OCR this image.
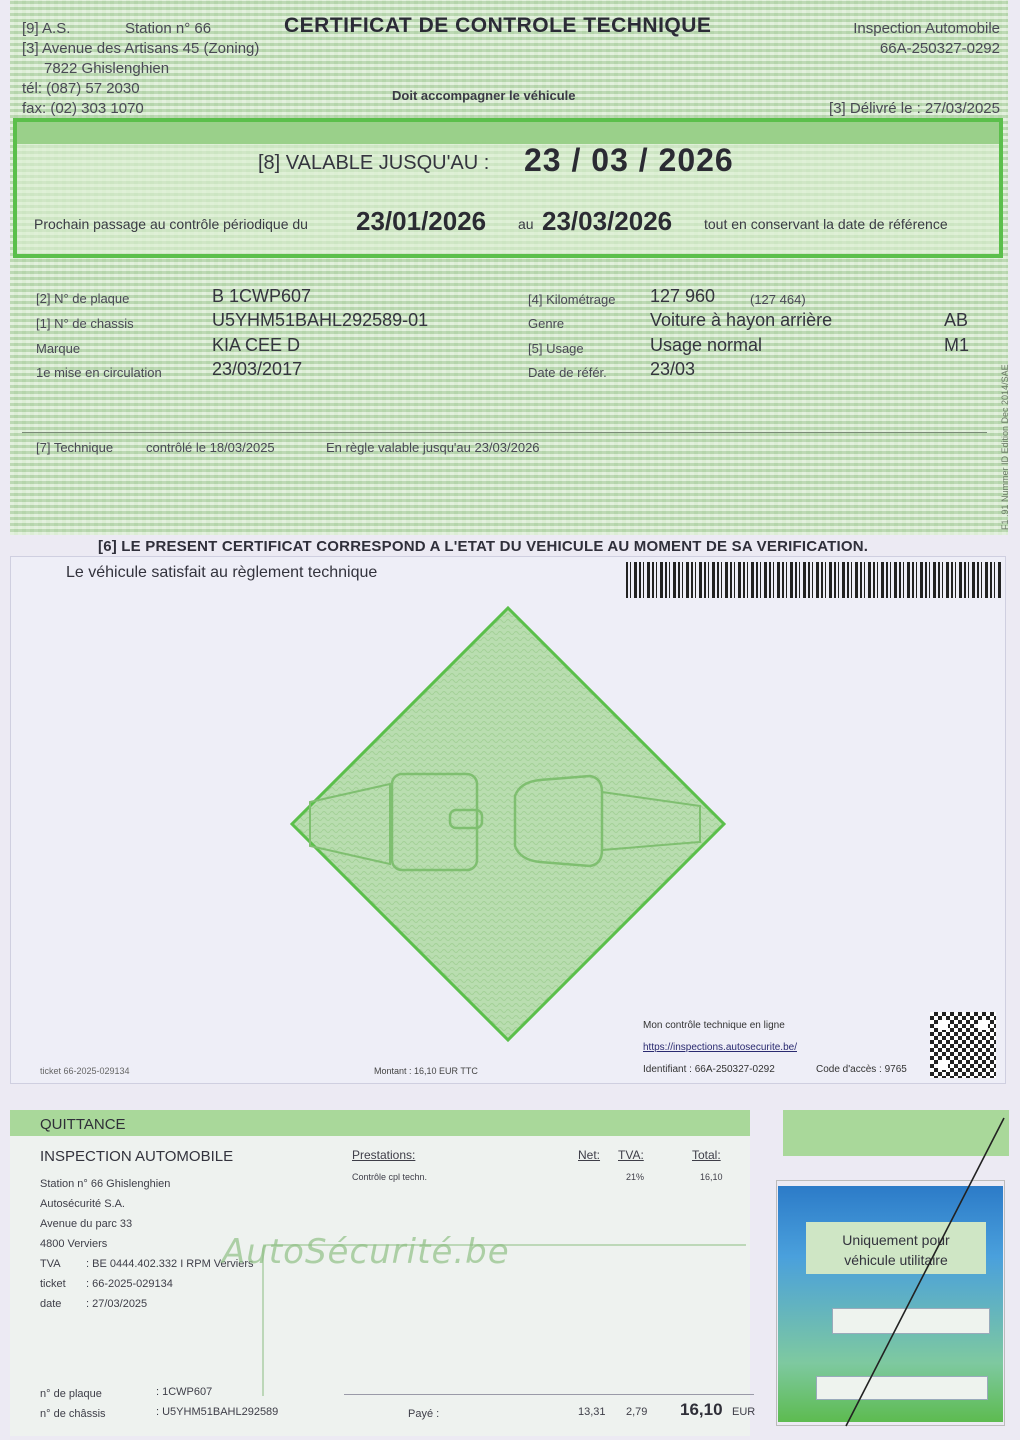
[9] A.S.	Station n° 66
[3] Avenue des Artisans 45 (Zoning)
7822 Ghislenghien
tél: (087) 57 2030
fax: (02) 303 1070
CERTIFICAT DE CONTROLE TECHNIQUE
Doit accompagner le véhicule
Inspection Automobile
66A-250327-0292
[3] Délivré le : 27/03/2025
[8] VALABLE JUSQU'AU : 23 / 03 / 2026
Prochain passage au contrôle périodique du 23/01/2026 au 23/03/2026 tout en conservant la date de référence
[2] N° de plaque	B 1CWP607
[1] N° de chassis	U5YHM51BAHL292589-01
Marque	KIA CEE D
1e mise en circulation	23/03/2017
[4] Kilométrage 127 960	(127 464)
Genre	Voiture à hayon arrière	AB
[5] Usage	Usage normal	M1
Date de référ. 23/03
[7] Technique	contrôlé le 18/03/2025	En règle valable jusqu'au 23/03/2026	F1 .91 Nummer ID Edition Dec 2014/SAE
[6] LE PRESENT CERTIFICAT CORRESPOND A L'ETAT DU VEHICULE AU MOMENT DE SA VERIFICATION.
Le véhicule satisfait au règlement technique
Mon contrôle technique en ligne
https://inspections.autosecurite.be/
Identifiant : 66A-250327-0292	Code d'accès : 9765
ticket 66-2025-029134	Montant : 16,10 EUR TTC
QUITTANCE
INSPECTION AUTOMOBILE
Station n° 66 Ghislenghien
Autosécurité S.A.
Avenue du parc 33
4800 Verviers
TVA : BE 0444.402.332 I RPM Verviers
ticket : 66-2025-029134
date : 27/03/2025
AutoSécurité.be
Prestations:	Net: TVA:	Total:
Contrôle cpl techn.	21%	16,10
n° de plaque	: 1CWP607
n° de châssis	: U5YHM51BAHL292589	Payé :	13,31 2,79 16,10 EUR
Uniquement pour
véhicule utilitaire
